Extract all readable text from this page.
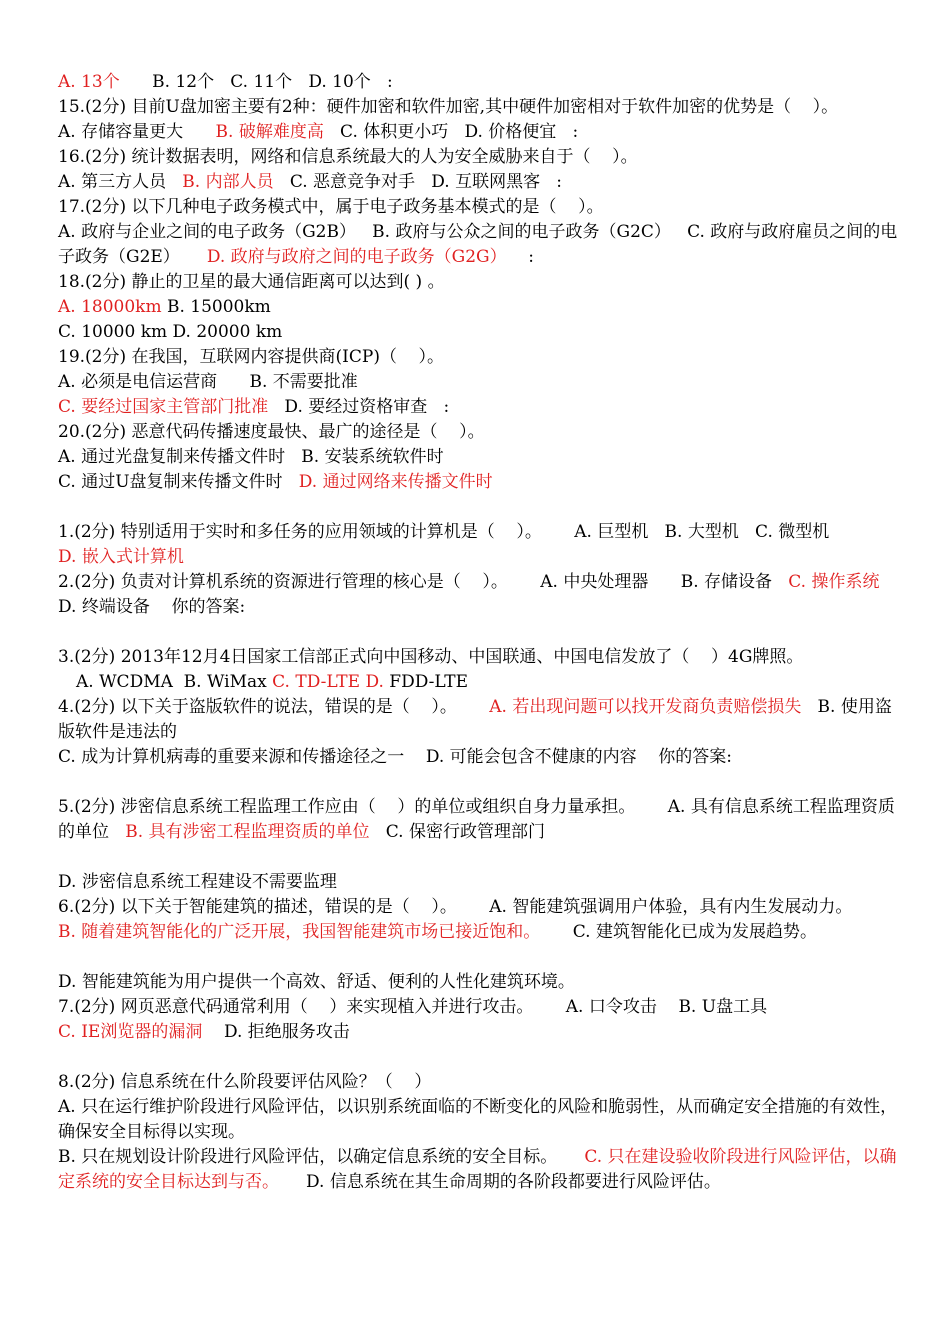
A. 13个      B. 12个   C. 11个   D. 10个   :
15.(2分) 目前U盘加密主要有2种：硬件加密和软件加密,其中硬件加密相对于软件加密的优势是（    ）。
A. 存储容量更大      B. 破解难度高   C. 体积更小巧   D. 价格便宜   :
16.(2分) 统计数据表明，网络和信息系统最大的人为安全威胁来自于（    ）。
A. 第三方人员   B. 内部人员   C. 恶意竞争对手   D. 互联网黑客   :
17.(2分) 以下几种电子政务模式中，属于电子政务基本模式的是（    ）。
A. 政府与企业之间的电子政务（G2B）   B. 政府与公众之间的电子政务（G2C）   C. 政府与政府雇员之间的电子政务（G2E）     D. 政府与政府之间的电子政务（G2G）    :
18.(2分) 静止的卫星的最大通信距离可以达到( ) 。
A. 18000km B. 15000km
C. 10000 km D. 20000 km
19.(2分) 在我国，互联网内容提供商(ICP)（    ）。
A. 必须是电信运营商      B. 不需要批准
C. 要经过国家主管部门批准   D. 要经过资格审查   :
20.(2分) 恶意代码传播速度最快、最广的途径是（    ）。
A. 通过光盘复制来传播文件时   B. 安装系统软件时
C. 通过U盘复制来传播文件时   D. 通过网络来传播文件时
1.(2分) 特别适用于实时和多任务的应用领域的计算机是（    ）。      A. 巨型机   B. 大型机   C. 微型机
D. 嵌入式计算机
2.(2分) 负责对计算机系统的资源进行管理的核心是（    ）。      A. 中央处理器      B. 存储设备   C. 操作系统   D. 终端设备    你的答案:
3.(2分) 2013年12月4日国家工信部正式向中国移动、中国联通、中国电信发放了（    ）4G牌照。
A. WCDMA  B. WiMax C. TD-LTE D. FDD-LTE
4.(2分) 以下关于盗版软件的说法，错误的是（    ）。      A. 若出现问题可以找开发商负责赔偿损失   B. 使用盗版软件是违法的
C. 成为计算机病毒的重要来源和传播途径之一    D. 可能会包含不健康的内容    你的答案:
5.(2分) 涉密信息系统工程监理工作应由（    ）的单位或组织自身力量承担。      A. 具有信息系统工程监理资质的单位   B. 具有涉密工程监理资质的单位   C. 保密行政管理部门
D. 涉密信息系统工程建设不需要监理
6.(2分) 以下关于智能建筑的描述，错误的是（    ）。      A. 智能建筑强调用户体验，具有内生发展动力。
B. 随着建筑智能化的广泛开展，我国智能建筑市场已接近饱和。      C. 建筑智能化已成为发展趋势。
D. 智能建筑能为用户提供一个高效、舒适、便利的人性化建筑环境。
7.(2分) 网页恶意代码通常利用（    ）来实现植入并进行攻击。      A. 口令攻击    B. U盘工具
C. IE浏览器的漏洞    D. 拒绝服务攻击
8.(2分) 信息系统在什么阶段要评估风险？（    ）
A. 只在运行维护阶段进行风险评估，以识别系统面临的不断变化的风险和脆弱性，从而确定安全措施的有效性，确保安全目标得以实现。
B. 只在规划设计阶段进行风险评估，以确定信息系统的安全目标。     C. 只在建设验收阶段进行风险评估，以确定系统的安全目标达到与否。     D. 信息系统在其生命周期的各阶段都要进行风险评估。
